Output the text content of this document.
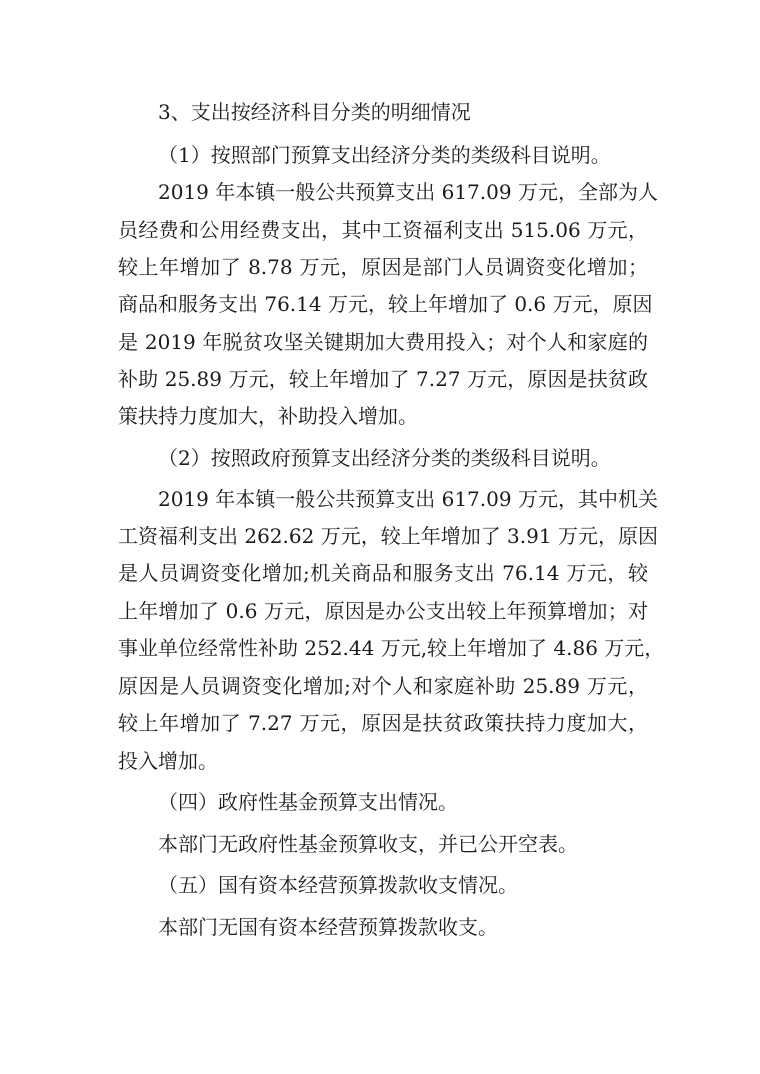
3、支出按经济科目分类的明细情况
（1）按照部门预算支出经济分类的类级科目说明。
2019 年本镇一般公共预算支出 617.09 万元，全部为人
员经费和公用经费支出，其中工资福利支出 515.06 万元，
较上年增加了 8.78 万元，原因是部门人员调资变化增加；
商品和服务支出 76.14 万元，较上年增加了 0.6 万元，原因
是 2019 年脱贫攻坚关键期加大费用投入；对个人和家庭的
补助 25.89 万元，较上年增加了 7.27 万元，原因是扶贫政
策扶持力度加大，补助投入增加。
（2）按照政府预算支出经济分类的类级科目说明。
2019 年本镇一般公共预算支出 617.09 万元，其中机关
工资福利支出 262.62 万元，较上年增加了 3.91 万元，原因
是人员调资变化增加;机关商品和服务支出 76.14 万元，较
上年增加了 0.6 万元，原因是办公支出较上年预算增加；对
事业单位经常性补助 252.44 万元,较上年增加了 4.86 万元，
原因是人员调资变化增加;对个人和家庭补助 25.89 万元，
较上年增加了 7.27 万元，原因是扶贫政策扶持力度加大，
投入增加。
（四）政府性基金预算支出情况。
本部门无政府性基金预算收支，并已公开空表。
（五）国有资本经营预算拨款收支情况。
本部门无国有资本经营预算拨款收支。
